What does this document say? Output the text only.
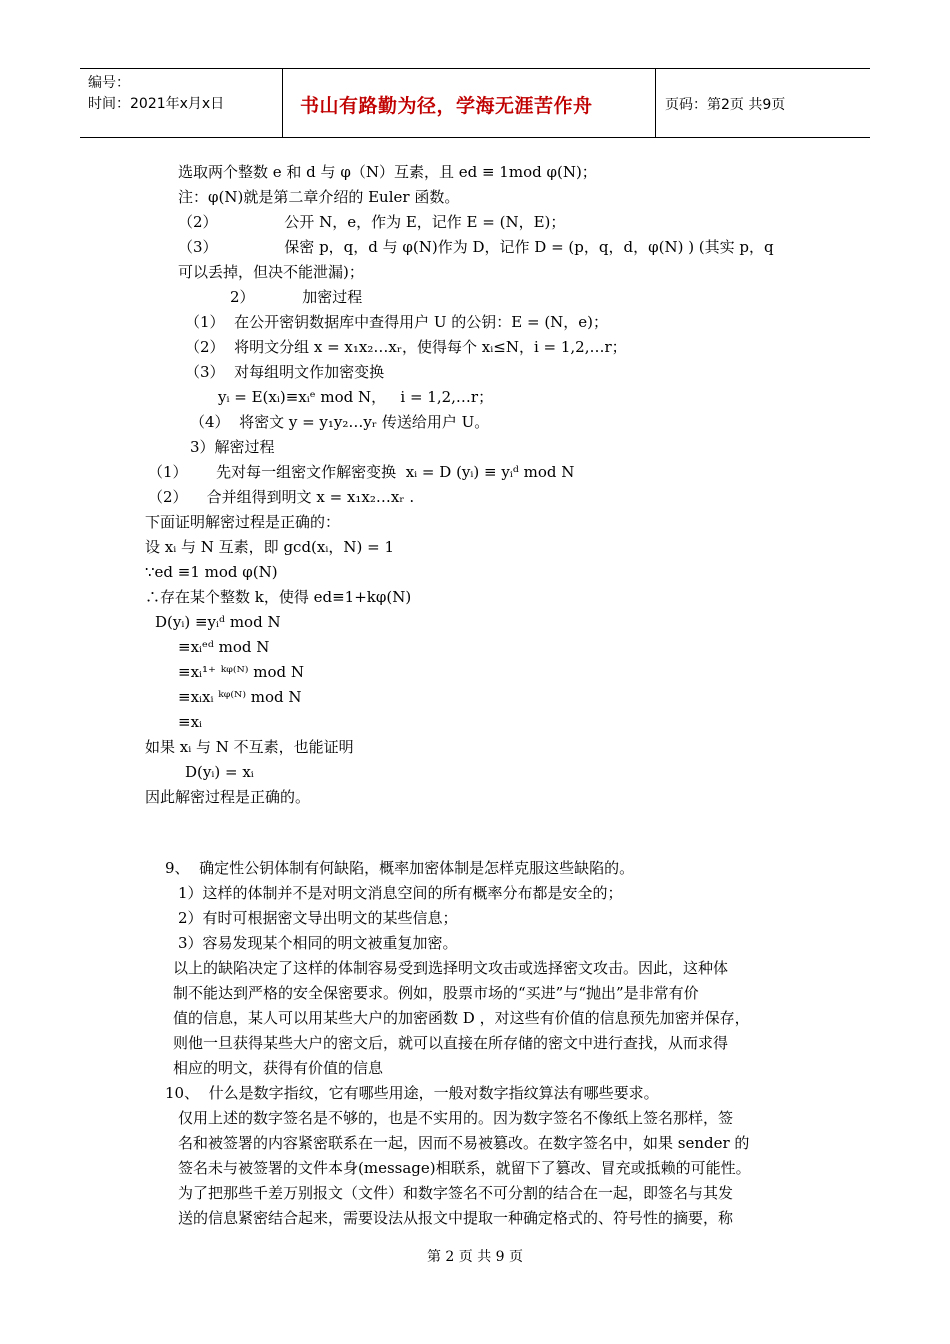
编号：
时间：2021年x月x日	书山有路勤为径，学海无涯苦作舟	页码：第2页 共9页
选取两个整数 e 和 d 与 φ（N）互素，且 ed ≡ 1mod φ(N)；
注：φ(N)就是第二章介绍的 Euler 函数。
（2）              公开 N，e，作为 E，记作 E = (N，E)；
（3）              保密 p，q，d 与 φ(N)作为 D，记作 D = (p，q，d，φ(N) ) (其实 p，q
可以丢掉，但决不能泄漏)；
2）          加密过程
（1）  在公开密钥数据库中查得用户 U 的公钥：E = (N，e)；
（2）  将明文分组 x = x₁x₂…xᵣ，使得每个 xᵢ≤N，i = 1,2,…r；
（3）  对每组明文作加密变换
yᵢ = E(xᵢ)≡xᵢᵉ mod N，   i = 1,2,…r；
（4）  将密文 y = y₁y₂…yᵣ 传送给用户 U。
3）解密过程
（1）      先对每一组密文作解密变换  xᵢ = D (yᵢ) ≡ yᵢᵈ mod N
（2）    合并组得到明文 x = x₁x₂…xᵣ .
下面证明解密过程是正确的：
设 xᵢ 与 N 互素，即 gcd(xᵢ，N) = 1
∵ed ≡1 mod φ(N)
∴存在某个整数 k，使得 ed≡1+kφ(N)
D(yᵢ) ≡yᵢᵈ mod N
≡xᵢᵉᵈ mod N
≡xᵢ¹⁺ ᵏᵠ⁽ᴺ⁾ mod N
≡xᵢxᵢ ᵏᵠ⁽ᴺ⁾ mod N
≡xᵢ
如果 xᵢ 与 N 不互素，也能证明
D(yᵢ) = xᵢ
因此解密过程是正确的。
9、  确定性公钥体制有何缺陷，概率加密体制是怎样克服这些缺陷的。
1）这样的体制并不是对明文消息空间的所有概率分布都是安全的；
2）有时可根据密文导出明文的某些信息；
3）容易发现某个相同的明文被重复加密。
以上的缺陷决定了这样的体制容易受到选择明文攻击或选择密文攻击。因此，这种体
制不能达到严格的安全保密要求。例如，股票市场的“买进”与“抛出”是非常有价
值的信息，某人可以用某些大户的加密函数 D ，对这些有价值的信息预先加密并保存，
则他一旦获得某些大户的密文后，就可以直接在所存储的密文中进行查找，从而求得
相应的明文，获得有价值的信息
10、  什么是数字指纹，它有哪些用途，一般对数字指纹算法有哪些要求。
仅用上述的数字签名是不够的，也是不实用的。因为数字签名不像纸上签名那样，签
名和被签署的内容紧密联系在一起，因而不易被篡改。在数字签名中，如果 sender 的
签名未与被签署的文件本身(message)相联系，就留下了篡改、冒充或抵赖的可能性。
为了把那些千差万别报文（文件）和数字签名不可分割的结合在一起，即签名与其发
送的信息紧密结合起来，需要设法从报文中提取一种确定格式的、符号性的摘要，称
第 2 页 共 9 页
